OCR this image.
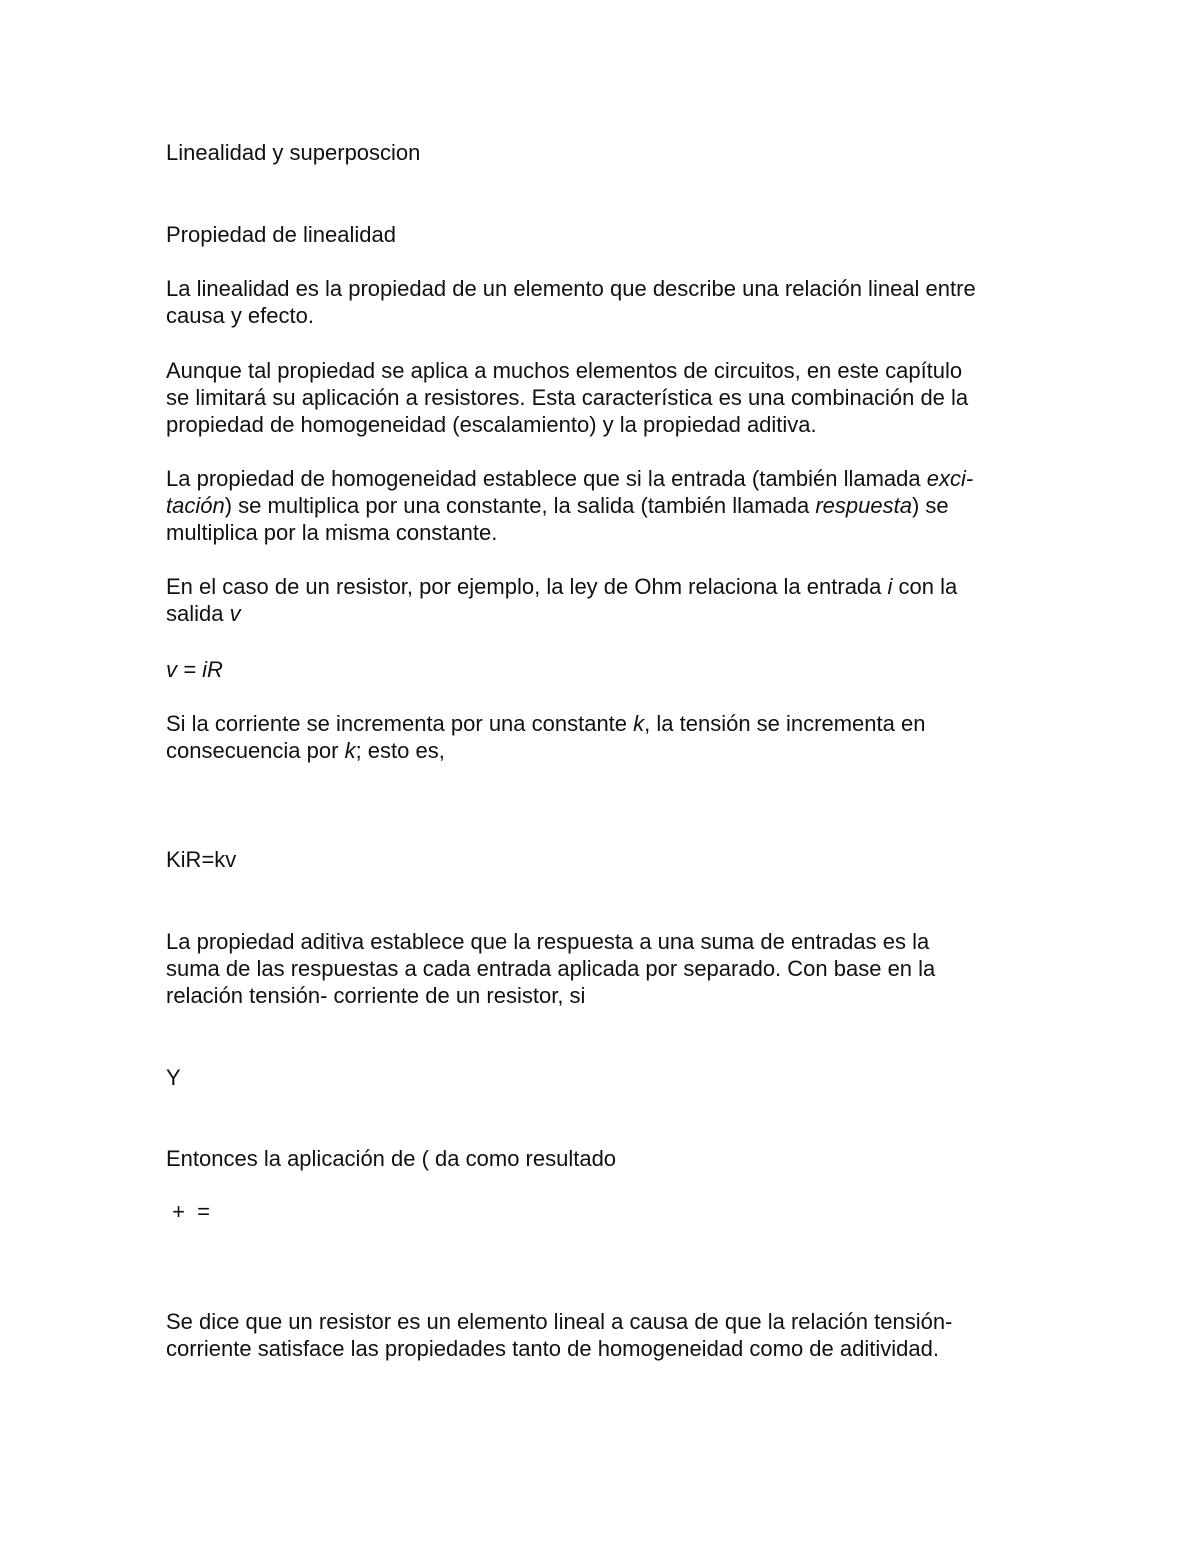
Linealidad y superposcion

Propiedad de linealidad

La linealidad es la propiedad de un elemento que describe una relación lineal entre
causa y efecto.

Aunque tal propiedad se aplica a muchos elementos de circuitos, en este capítulo
se limitará su aplicación a resistores. Esta característica es una combinación de la
propiedad de homogeneidad (escalamiento) y la propiedad aditiva.

La propiedad de homogeneidad establece que si la entrada (también llamada exci-
tación) se multiplica por una constante, la salida (también llamada respuesta) se
multiplica por la misma constante.

En el caso de un resistor, por ejemplo, la ley de Ohm relaciona la entrada i con la
salida v

v = iR

Si la corriente se incrementa por una constante k, la tensión se incrementa en
consecuencia por k; esto es,

KiR=kv

La propiedad aditiva establece que la respuesta a una suma de entradas es la
suma de las respuestas a cada entrada aplicada por separado. Con base en la
relación tensión- corriente de un resistor, si

Y

Entonces la aplicación de ( da como resultado

+  =

Se dice que un resistor es un elemento lineal a causa de que la relación tensión-
corriente satisface las propiedades tanto de homogeneidad como de aditividad.
